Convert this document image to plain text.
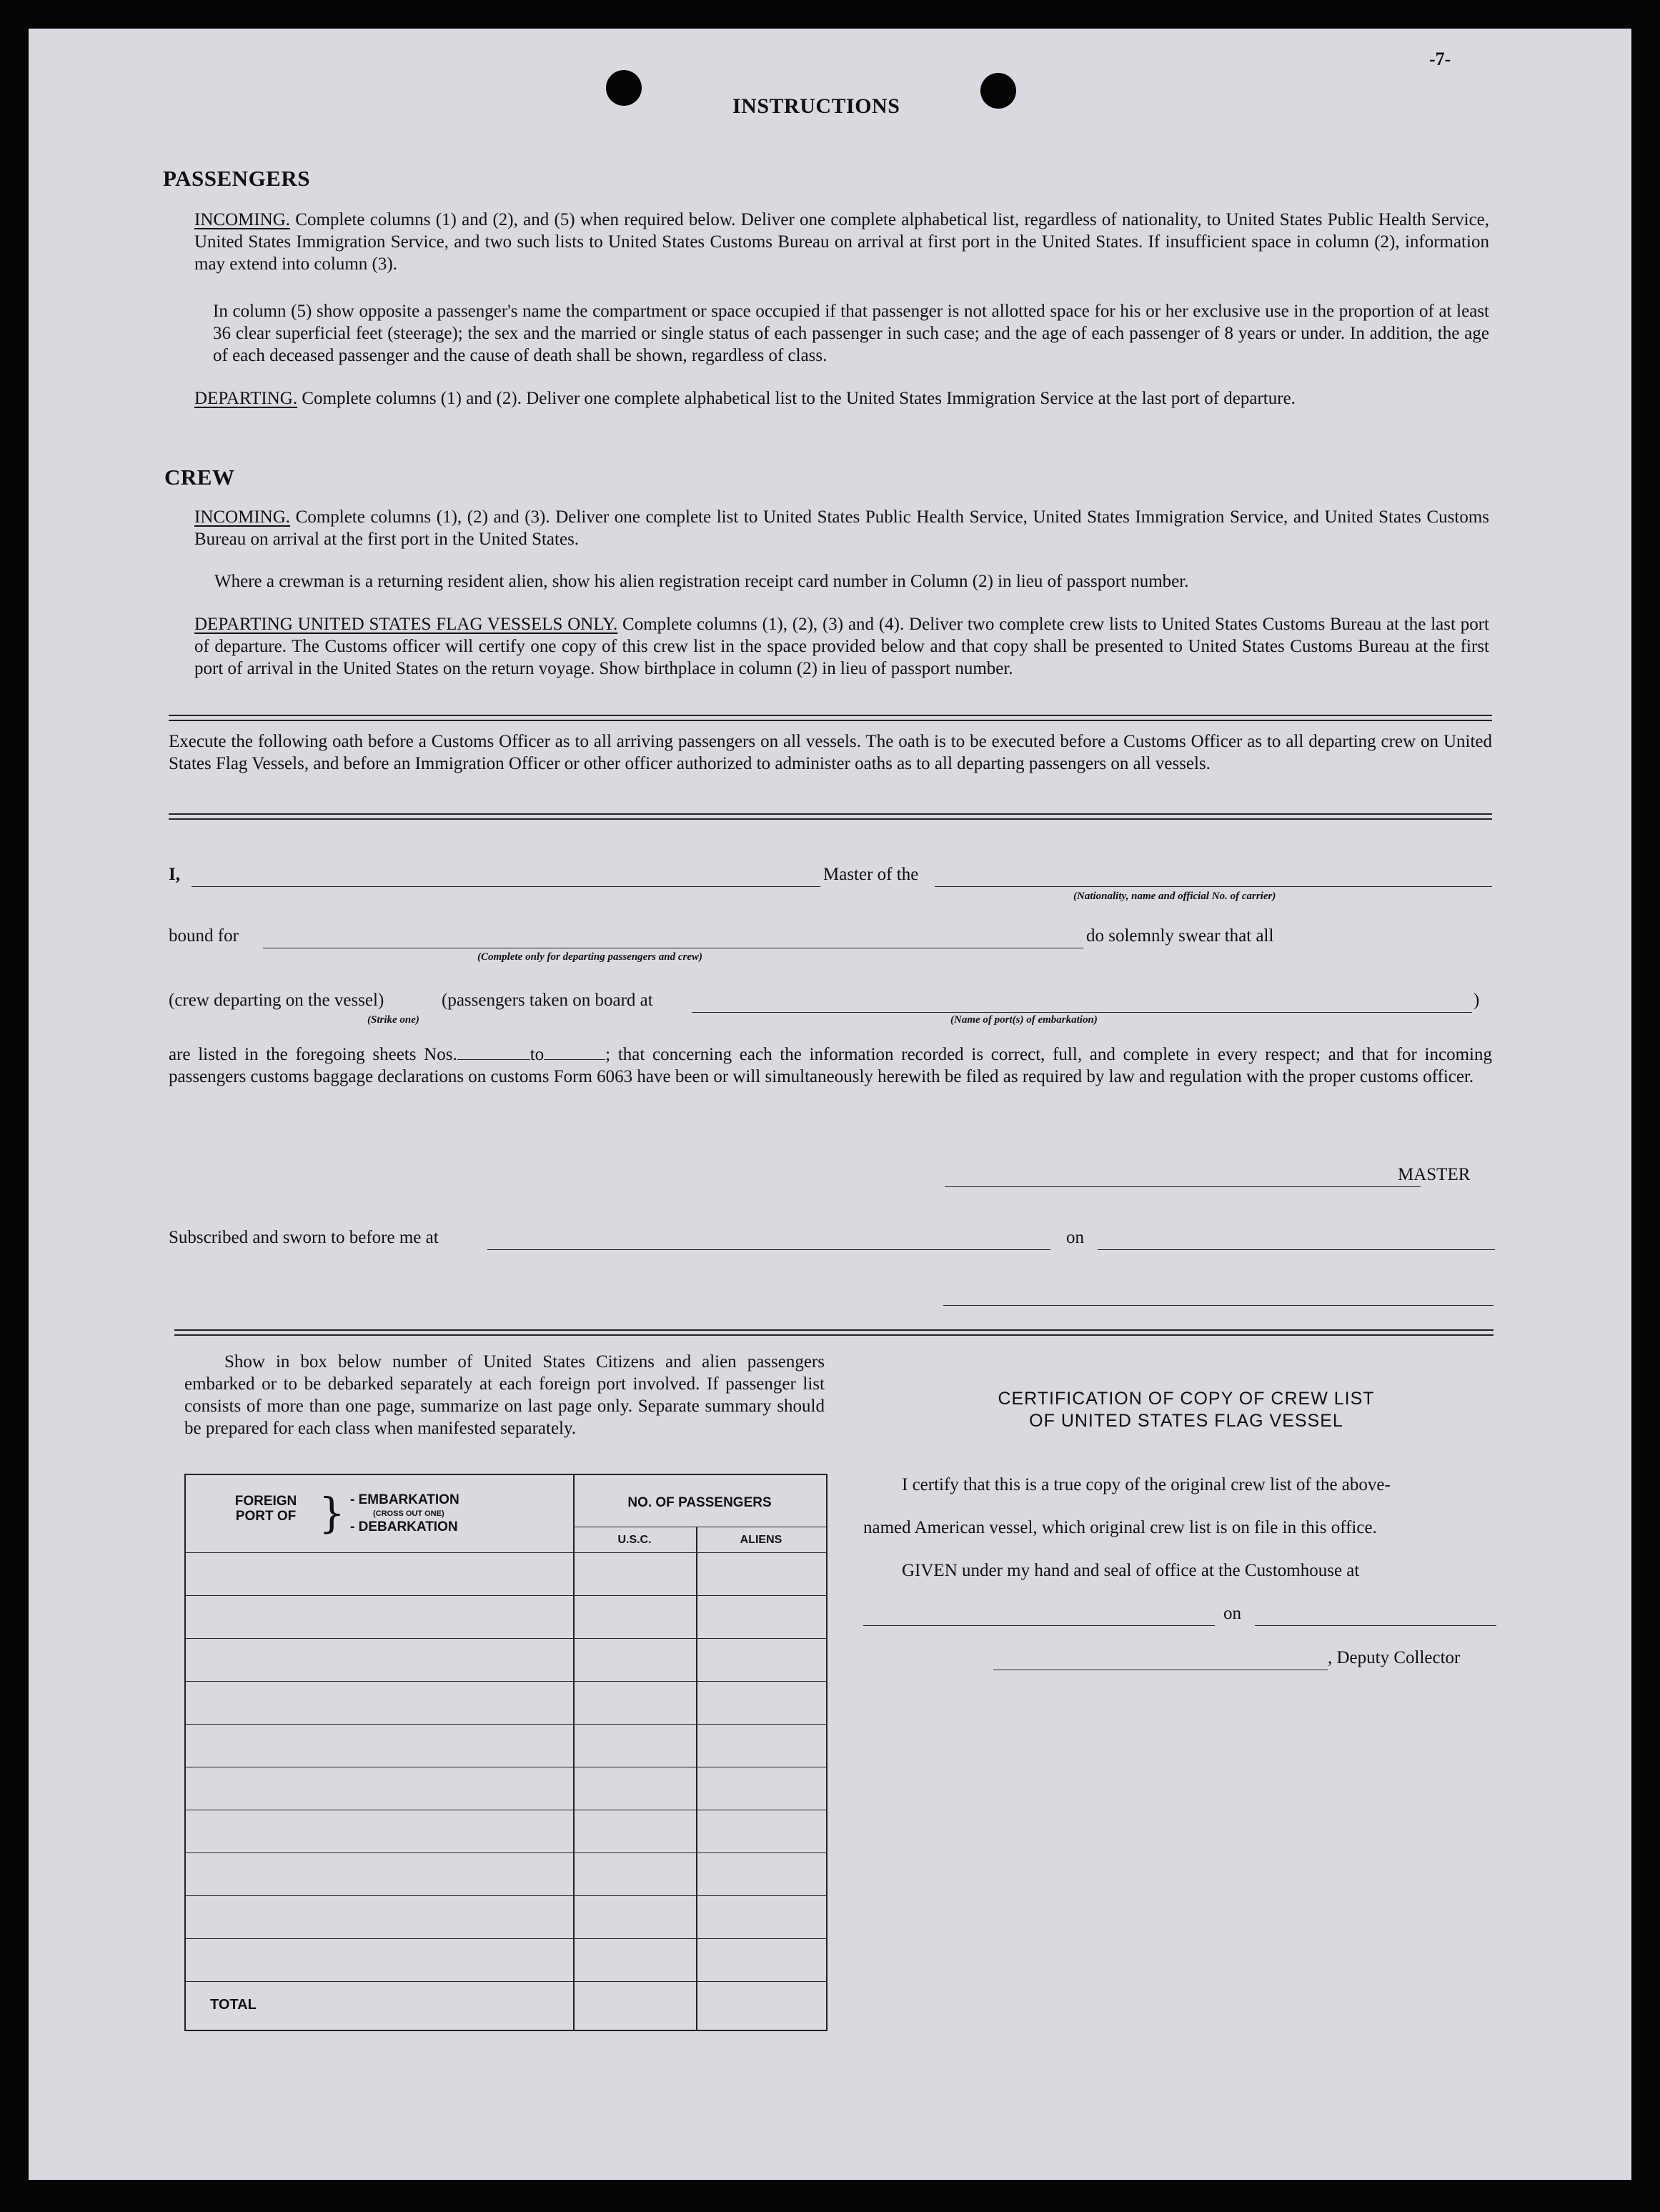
-7-
INSTRUCTIONS
PASSENGERS
INCOMING. Complete columns (1) and (2), and (5) when required below. Deliver one complete alphabetical list, regardless of nationality, to United States Public Health Service, United States Immigration Service, and two such lists to United States Customs Bureau on arrival at first port in the United States. If insufficient space in column (2), information may extend into column (3).
In column (5) show opposite a passenger's name the compartment or space occupied if that passenger is not allotted space for his or her exclusive use in the proportion of at least 36 clear superficial feet (steerage); the sex and the married or single status of each passenger in such case; and the age of each passenger of 8 years or under. In addition, the age of each deceased passenger and the cause of death shall be shown, regardless of class.
DEPARTING. Complete columns (1) and (2). Deliver one complete alphabetical list to the United States Immigration Service at the last port of departure.
CREW
INCOMING. Complete columns (1), (2) and (3). Deliver one complete list to United States Public Health Service, United States Immigration Service, and United States Customs Bureau on arrival at the first port in the United States.
Where a crewman is a returning resident alien, show his alien registration receipt card number in Column (2) in lieu of passport number.
DEPARTING UNITED STATES FLAG VESSELS ONLY. Complete columns (1), (2), (3) and (4). Deliver two complete crew lists to United States Customs Bureau at the last port of departure. The Customs officer will certify one copy of this crew list in the space provided below and that copy shall be presented to United States Customs Bureau at the first port of arrival in the United States on the return voyage. Show birthplace in column (2) in lieu of passport number.
Execute the following oath before a Customs Officer as to all arriving passengers on all vessels. The oath is to be executed before a Customs Officer as to all departing crew on United States Flag Vessels, and before an Immigration Officer or other officer authorized to administer oaths as to all departing passengers on all vessels.
I,	Master of the
(Nationality, name and official No. of carrier)
bound for	do solemnly swear that all
(Complete only for departing passengers and crew)
(crew departing on the vessel)	(passengers taken on board at	)
(Strike one)	(Name of port(s) of embarkation)
are listed in the foregoing sheets Nos.	to	; that concerning each the information recorded is correct, full, and complete in every respect; and that for incoming passengers customs baggage declarations on customs Form 6063 have been or will simultaneously herewith be filed as required by law and regulation with the proper customs officer.
MASTER
Subscribed and sworn to before me at	on
Show in box below number of United States Citizens and alien passengers embarked or to be debarked separately at each foreign port involved. If passenger list consists of more than one page, summarize on last page only. Separate summary should be prepared for each class when manifested separately.
FOREIGN PORT OF } - EMBARKATION
(CROSS OUT ONE)
- DEBARKATION
NO. OF PASSENGERS
U.S.C.	ALIENS
TOTAL
CERTIFICATION OF COPY OF CREW LIST
OF UNITED STATES FLAG VESSEL
I certify that this is a true copy of the original crew list of the above-
named American vessel, which original crew list is on file in this office.
GIVEN under my hand and seal of office at the Customhouse at
on
, Deputy Collector
